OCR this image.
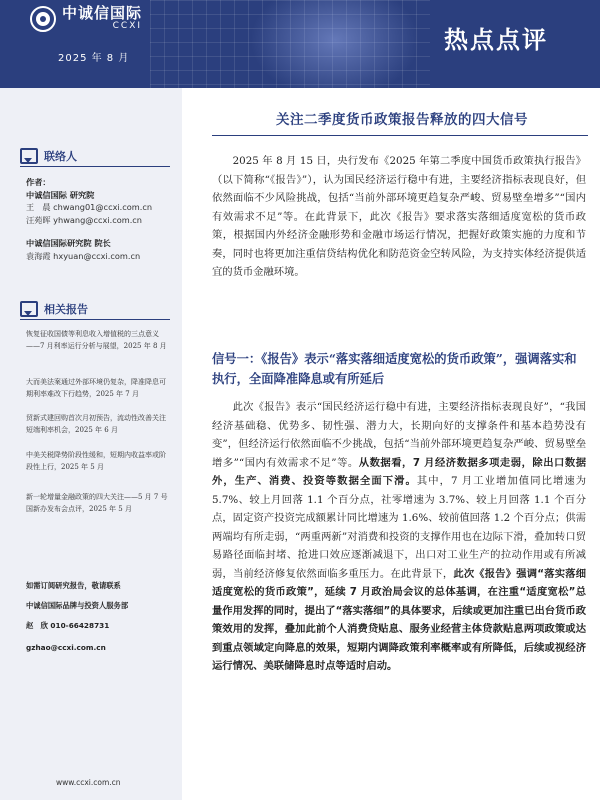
中诚信国际
CCXI
2025 年 8 月
热点点评
联络人
作者：
中诚信国际 研究院
王　晨 chwang01@ccxi.com.cn
汪苑晖 yhwang@ccxi.com.cn
中诚信国际研究院 院长
袁海霞 hxyuan@ccxi.com.cn
相关报告
恢复征收国债等利息收入增值税的三点意义——7 月利率运行分析与展望，2025 年 8 月
大而美法案通过外部环境仍复杂，降准降息可期利率难改下行趋势，2025 年 7 月
贸新式建回购首次月初预告，流动性改善关注短端利率机会，2025 年 6 月
中美关税降势阶段性缓和，短期内收益率或阶段性上行，2025 年 5 月
新一轮增量金融政策的四大关注——5 月 7 号国新办发布会点评，2025 年 5 月
如需订阅研究报告，敬请联系
中诚信国际品牌与投资人服务部
赵　欣 010-66428731
gzhao@ccxi.com.cn
www.ccxi.com.cn
关注二季度货币政策报告释放的四大信号
2025 年 8 月 15 日，央行发布《2025 年第二季度中国货币政策执行报告》（以下简称“《报告》”），认为国民经济运行稳中有进，主要经济指标表现良好，但依然面临不少风险挑战，包括“当前外部环境更趋复杂严峻、贸易壁垒增多”“国内有效需求不足”等。在此背景下，此次《报告》要求落实落细适度宽松的货币政策，根据国内外经济金融形势和金融市场运行情况，把握好政策实施的力度和节奏，同时也将更加注重信贷结构优化和防范资金空转风险，为支持实体经济提供适宜的货币金融环境。
信号一：《报告》表示“落实落细适度宽松的货币政策”，强调落实和执行，全面降准降息或有所延后
此次《报告》表示“国民经济运行稳中有进，主要经济指标表现良好”，“我国经济基础稳、优势多、韧性强、潜力大，长期向好的支撑条件和基本趋势没有变”，但经济运行依然面临不少挑战，包括“当前外部环境更趋复杂严峻、贸易壁垒增多”“国内有效需求不足”等。从数据看，7 月经济数据多项走弱，除出口数据外，生产、消费、投资等数据全面下滑。其中，7 月工业增加值同比增速为 5.7%、较上月回落 1.1 个百分点，社零增速为 3.7%、较上月回落 1.1 个百分点，固定资产投资完成额累计同比增速为 1.6%、较前值回落 1.2 个百分点；供需两端均有所走弱，“两重两新”对消费和投资的支撑作用也在边际下滑，叠加转口贸易路径面临封堵、抢进口效应逐渐减退下，出口对工业生产的拉动作用或有所减弱，当前经济修复依然面临多重压力。在此背景下，此次《报告》强调“落实落细适度宽松的货币政策”，延续 7 月政治局会议的总体基调，在注重“适度宽松”总量作用发挥的同时，提出了“落实落细”的具体要求，后续或更加注重已出台货币政策效用的发挥，叠加此前个人消费贷贴息、服务业经营主体贷款贴息两项政策或达到重点领域定向降息的效果，短期内调降政策利率概率或有所降低，后续或视经济运行情况、美联储降息时点等适时启动。
